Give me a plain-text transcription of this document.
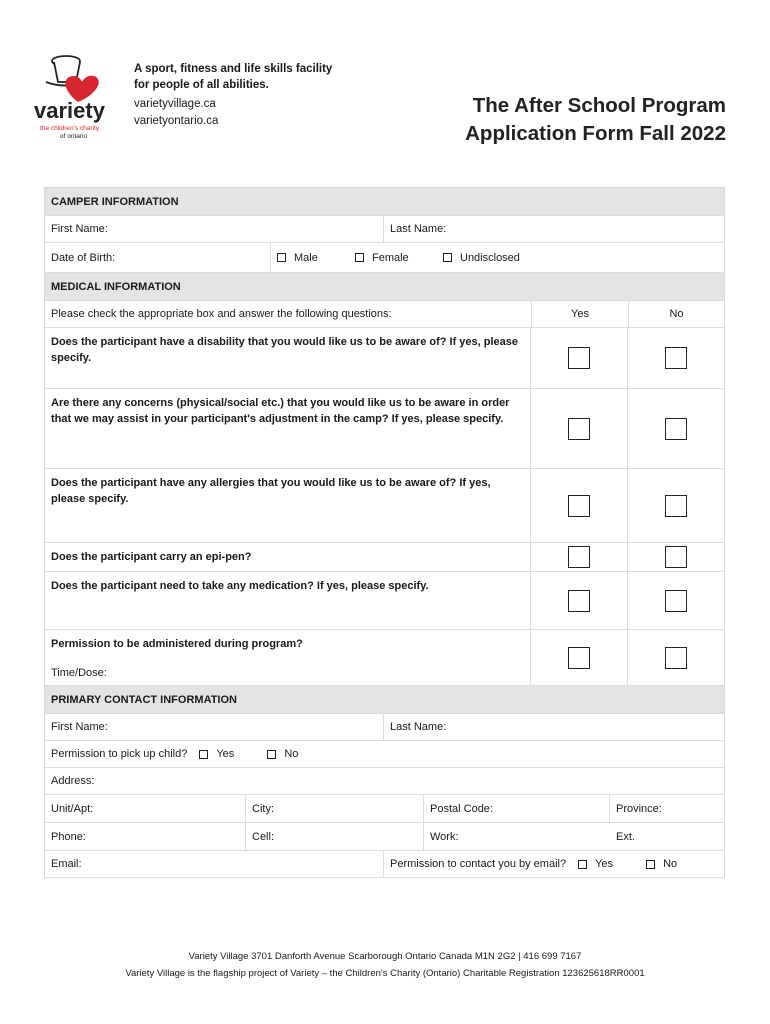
variety
the children's charity
of ontario
A sport, fitness and life skills facility for people of all abilities.
varietyvillage.ca
varietyontario.ca
The After School Program
Application Form Fall 2022
CAMPER INFORMATION
First Name:	Last Name:
Date of Birth:	Male	Female	Undisclosed
MEDICAL INFORMATION
Please check the appropriate box and answer the following questions:	Yes	No
Does the participant have a disability that you would like us to be aware of? If yes, please specify.
Are there any concerns (physical/social etc.) that you would like us to be aware in order that we may assist in your participant's adjustment in the camp? If yes, please specify.
Does the participant have any allergies that you would like us to be aware of? If yes, please specify.
Does the participant carry an epi-pen?
Does the participant need to take any medication? If yes, please specify.
Permission to be administered during program?
Time/Dose:
PRIMARY CONTACT INFORMATION
First Name:	Last Name:
Permission to pick up child?	Yes	No
Address:
Unit/Apt:	City:	Postal Code:	Province:
Phone:	Cell:	Work:	Ext.
Email:	Permission to contact you by email?	Yes	No
Variety Village 3701 Danforth Avenue Scarborough Ontario Canada M1N 2G2 | 416 699 7167
Variety Village is the flagship project of Variety – the Children's Charity (Ontario) Charitable Registration 123625618RR0001
